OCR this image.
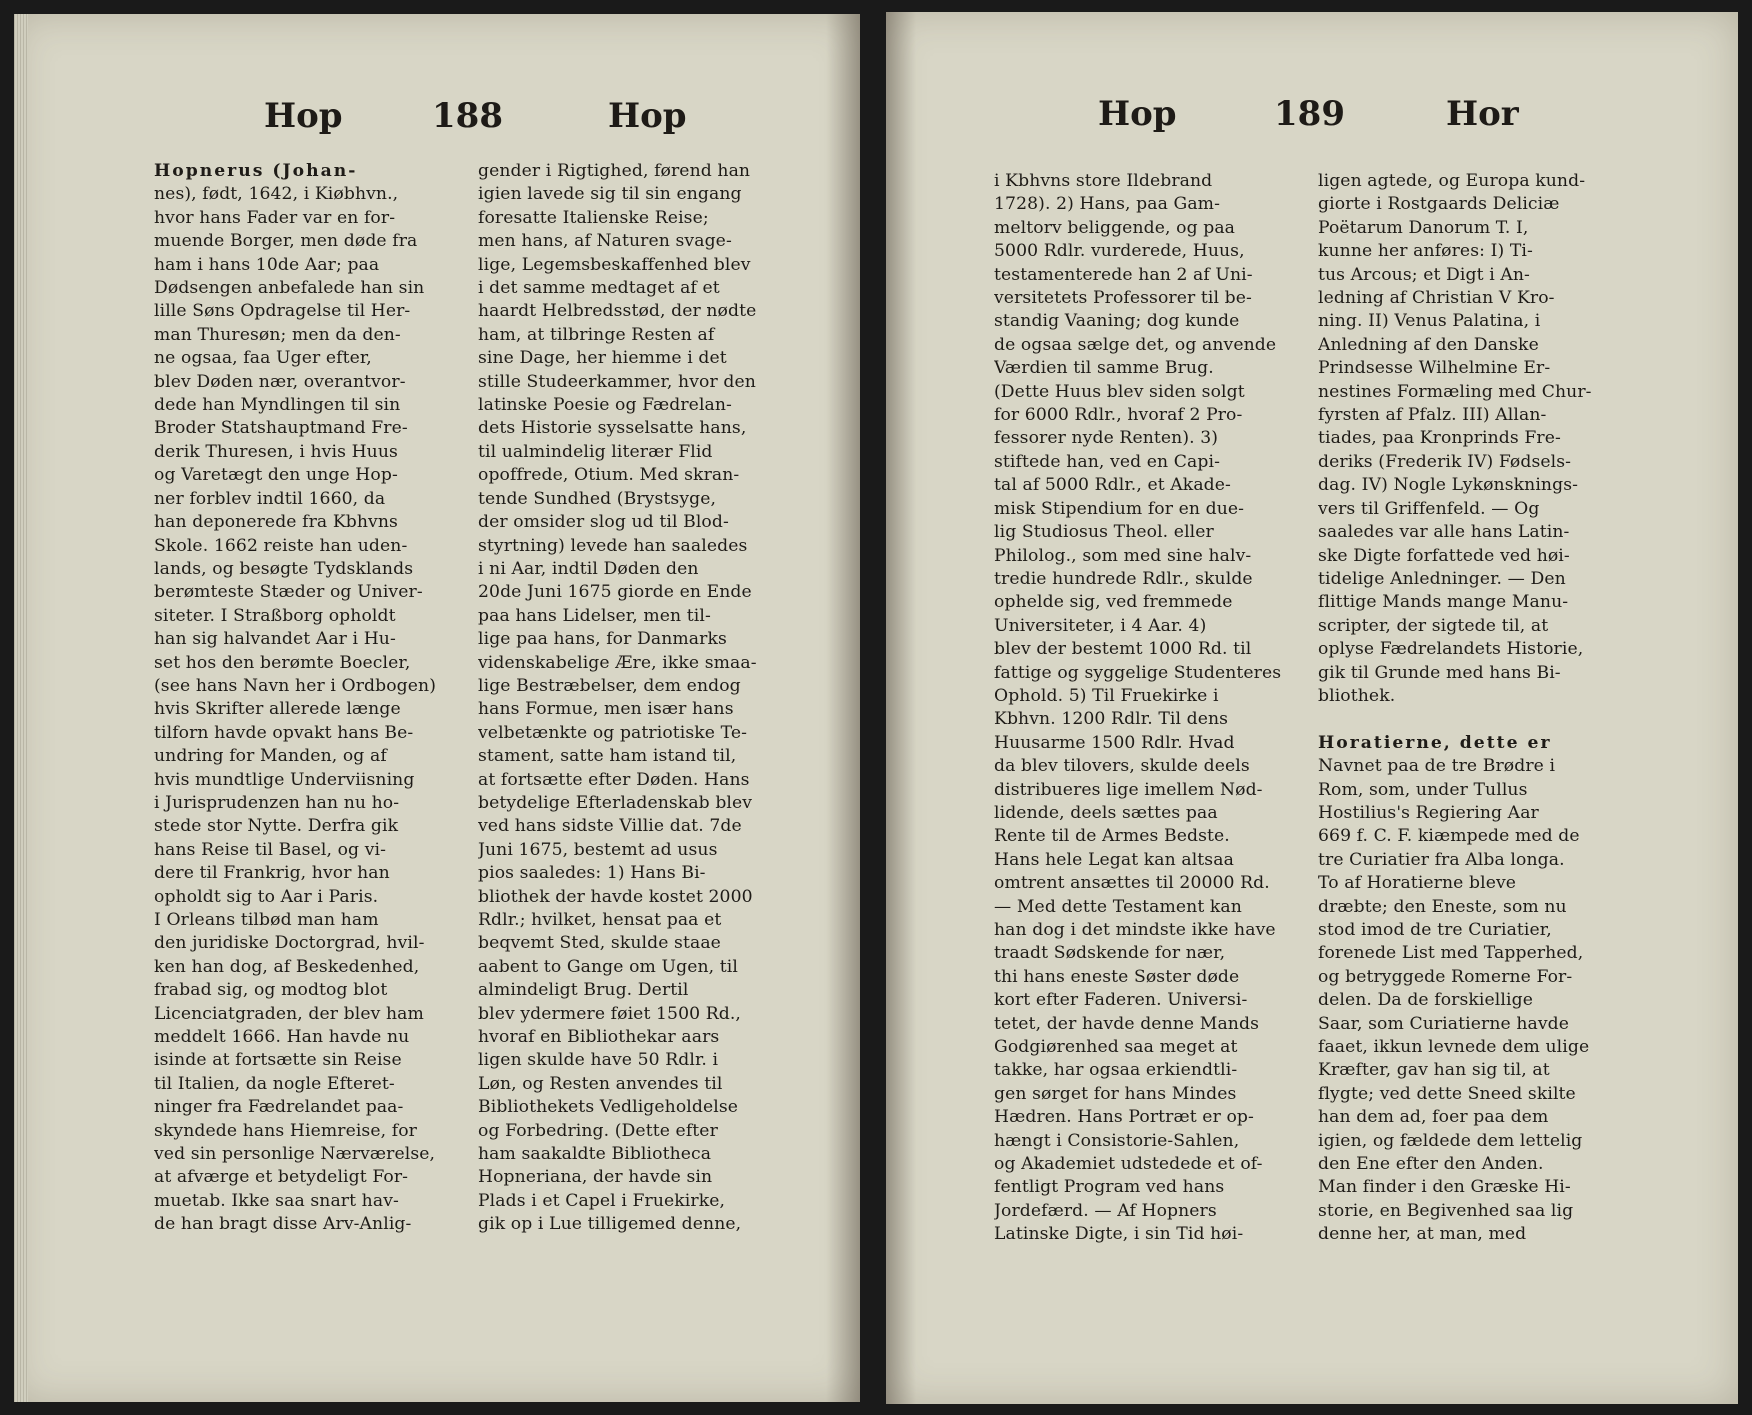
Hop	188	Hop
Hopnerus (Johan-
nes), født, 1642, i Kiøbhvn.,
hvor hans Fader var en for-
muende Borger, men døde fra
ham i hans 10de Aar; paa
Dødsengen anbefalede han sin
lille Søns Opdragelse til Her-
man Thuresøn; men da den-
ne ogsaa, faa Uger efter,
blev Døden nær, overantvor-
dede han Myndlingen til sin
Broder Statshauptmand Fre-
derik Thuresen, i hvis Huus
og Varetægt den unge Hop-
ner forblev indtil 1660, da
han deponerede fra Kbhvns
Skole. 1662 reiste han uden-
lands, og besøgte Tydsklands
berømteste Stæder og Univer-
siteter. I Straßborg opholdt
han sig halvandet Aar i Hu-
set hos den berømte Boecler,
(see hans Navn her i Ordbogen)
hvis Skrifter allerede længe
tilforn havde opvakt hans Be-
undring for Manden, og af
hvis mundtlige Underviisning
i Jurisprudenzen han nu ho-
stede stor Nytte. Derfra gik
hans Reise til Basel, og vi-
dere til Frankrig, hvor han
opholdt sig to Aar i Paris.
I Orleans tilbød man ham
den juridiske Doctorgrad, hvil-
ken han dog, af Beskedenhed,
frabad sig, og modtog blot
Licenciatgraden, der blev ham
meddelt 1666. Han havde nu
isinde at fortsætte sin Reise
til Italien, da nogle Efteret-
ninger fra Fædrelandet paa-
skyndede hans Hiemreise, for
ved sin personlige Nærværelse,
at afværge et betydeligt For-
muetab. Ikke saa snart hav-
de han bragt disse Arv-Anlig-
gender i Rigtighed, førend han
igien lavede sig til sin engang
foresatte Italienske Reise;
men hans, af Naturen svage-
lige, Legemsbeskaffenhed blev
i det samme medtaget af et
haardt Helbredsstød, der nødte
ham, at tilbringe Resten af
sine Dage, her hiemme i det
stille Studeerkammer, hvor den
latinske Poesie og Fædrelan-
dets Historie sysselsatte hans,
til ualmindelig literær Flid
opoffrede, Otium. Med skran-
tende Sundhed (Brystsyge,
der omsider slog ud til Blod-
styrtning) levede han saaledes
i ni Aar, indtil Døden den
20de Juni 1675 giorde en Ende
paa hans Lidelser, men til-
lige paa hans, for Danmarks
videnskabelige Ære, ikke smaa-
lige Bestræbelser, dem endog
hans Formue, men især hans
velbetænkte og patriotiske Te-
stament, satte ham istand til,
at fortsætte efter Døden. Hans
betydelige Efterladenskab blev
ved hans sidste Villie dat. 7de
Juni 1675, bestemt ad usus
pios saaledes: 1) Hans Bi-
bliothek der havde kostet 2000
Rdlr.; hvilket, hensat paa et
beqvemt Sted, skulde staae
aabent to Gange om Ugen, til
almindeligt Brug. Dertil
blev ydermere føiet 1500 Rd.,
hvoraf en Bibliothekar aars
ligen skulde have 50 Rdlr. i
Løn, og Resten anvendes til
Bibliothekets Vedligeholdelse
og Forbedring. (Dette efter
ham saakaldte Bibliotheca
Hopneriana, der havde sin
Plads i et Capel i Fruekirke,
gik op i Lue tilligemed denne,
Hop	189	Hor
i Kbhvns store Ildebrand
1728). 2) Hans, paa Gam-
meltorv beliggende, og paa
5000 Rdlr. vurderede, Huus,
testamenterede han 2 af Uni-
versitetets Professorer til be-
standig Vaaning; dog kunde
de ogsaa sælge det, og anvende
Værdien til samme Brug.
(Dette Huus blev siden solgt
for 6000 Rdlr., hvoraf 2 Pro-
fessorer nyde Renten). 3)
stiftede han, ved en Capi-
tal af 5000 Rdlr., et Akade-
misk Stipendium for en due-
lig Studiosus Theol. eller
Philolog., som med sine halv-
tredie hundrede Rdlr., skulde
ophelde sig, ved fremmede
Universiteter, i 4 Aar. 4)
blev der bestemt 1000 Rd. til
fattige og syggelige Studenteres
Ophold. 5) Til Fruekirke i
Kbhvn. 1200 Rdlr. Til dens
Huusarme 1500 Rdlr. Hvad
da blev tilovers, skulde deels
distribueres lige imellem Nød-
lidende, deels sættes paa
Rente til de Armes Bedste.
Hans hele Legat kan altsaa
omtrent ansættes til 20000 Rd.
— Med dette Testament kan
han dog i det mindste ikke have
traadt Sødskende for nær,
thi hans eneste Søster døde
kort efter Faderen. Universi-
tetet, der havde denne Mands
Godgiørenhed saa meget at
takke, har ogsaa erkiendtli-
gen sørget for hans Mindes
Hædren. Hans Portræt er op-
hængt i Consistorie-Sahlen,
og Akademiet udstedede et of-
fentligt Program ved hans
Jordefærd. — Af Hopners
Latinske Digte, i sin Tid høi-
ligen agtede, og Europa kund-
giorte i Rostgaards Deliciæ
Poëtarum Danorum T. I,
kunne her anføres: I) Ti-
tus Arcous; et Digt i An-
ledning af Christian V Kro-
ning. II) Venus Palatina, i
Anledning af den Danske
Prindsesse Wilhelmine Er-
nestines Formæling med Chur-
fyrsten af Pfalz. III) Allan-
tiades, paa Kronprinds Fre-
deriks (Frederik IV) Fødsels-
dag. IV) Nogle Lykønsknings-
vers til Griffenfeld. — Og
saaledes var alle hans Latin-
ske Digte forfattede ved høi-
tidelige Anledninger. — Den
flittige Mands mange Manu-
scripter, der sigtede til, at
oplyse Fædrelandets Historie,
gik til Grunde med hans Bi-
bliothek.

Horatierne, dette er
Navnet paa de tre Brødre i
Rom, som, under Tullus
Hostilius's Regiering Aar
669 f. C. F. kiæmpede med de
tre Curiatier fra Alba longa.
To af Horatierne bleve
dræbte; den Eneste, som nu
stod imod de tre Curiatier,
forenede List med Tapperhed,
og betryggede Romerne For-
delen. Da de forskiellige
Saar, som Curiatierne havde
faaet, ikkun levnede dem ulige
Kræfter, gav han sig til, at
flygte; ved dette Sneed skilte
han dem ad, foer paa dem
igien, og fældede dem lettelig
den Ene efter den Anden.
Man finder i den Græske Hi-
storie, en Begivenhed saa lig
denne her, at man, med
